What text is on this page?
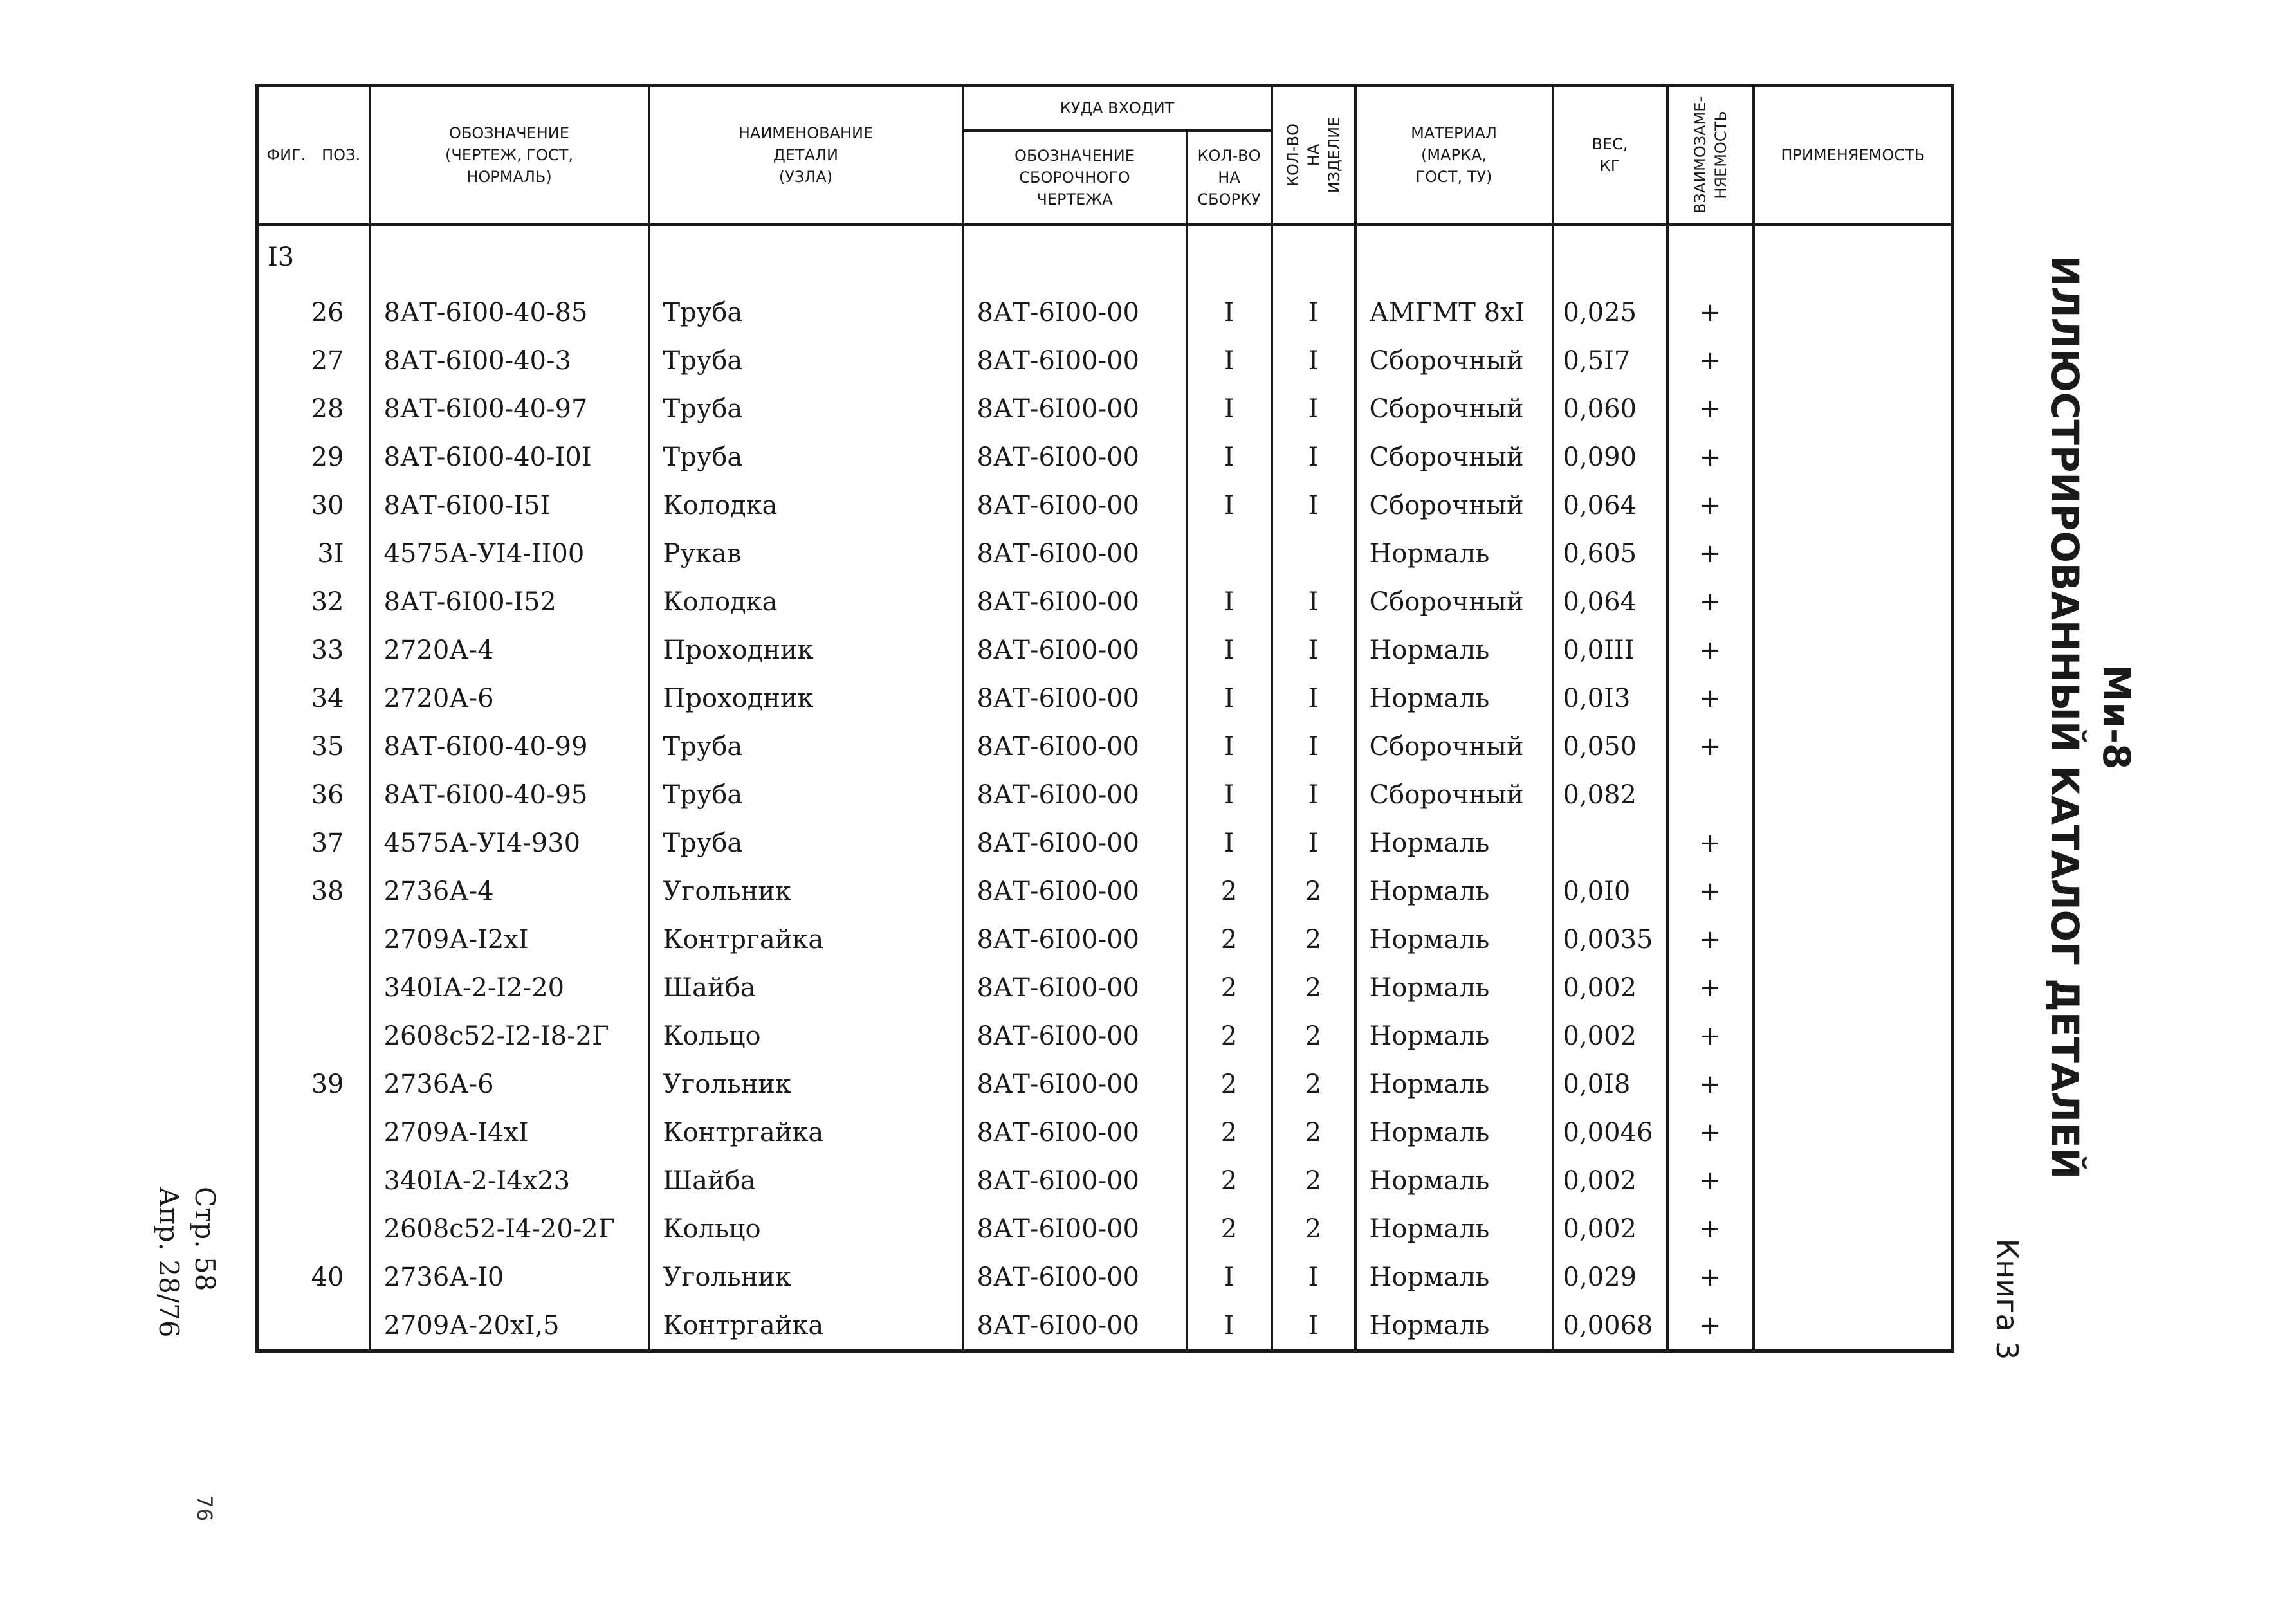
ФИГ. ПОЗ.	ОБОЗНАЧЕНИЕ
(ЧЕРТЕЖ, ГОСТ,
НОРМАЛЬ)	НАИМЕНОВАНИЕ
ДЕТАЛИ
(УЗЛА)	КУДА ВХОДИТ		КОЛ-ВО НА
ИЗДЕЛИЕ	МАТЕРИАЛ
(МАРКА,
ГОСТ, ТУ)	ВЕС,
КГ	ВЗАИМОЗАМЕ-
НЯЕМОСТЬ	ПРИМЕНЯЕМОСТЬ

			ОБОЗНАЧЕНИЕ
СБОРОЧНОГО
ЧЕРТЕЖА	КОЛ-ВО
НА
СБОРКУ					

I3									

26	8АТ-6I00-40-85	Труба	8АТ-6I00-00	I	I	АМГМТ 8хI	0,025	+	

27	8АТ-6I00-40-3	Труба	8АТ-6I00-00	I	I	Сборочный	0,5I7	+	

28	8АТ-6I00-40-97	Труба	8АТ-6I00-00	I	I	Сборочный	0,060	+	

29	8АТ-6I00-40-I0I	Труба	8АТ-6I00-00	I	I	Сборочный	0,090	+	

30	8АТ-6I00-I5I	Колодка	8АТ-6I00-00	I	I	Сборочный	0,064	+	

3I	4575А-УI4-II00	Рукав	8АТ-6I00-00			Нормаль	0,605	+	

32	8АТ-6I00-I52	Колодка	8АТ-6I00-00	I	I	Сборочный	0,064	+	

33	2720А-4	Проходник	8АТ-6I00-00	I	I	Нормаль	0,0III	+	

34	2720А-6	Проходник	8АТ-6I00-00	I	I	Нормаль	0,0I3	+	

35	8АТ-6I00-40-99	Труба	8АТ-6I00-00	I	I	Сборочный	0,050	+	

36	8АТ-6I00-40-95	Труба	8АТ-6I00-00	I	I	Сборочный	0,082		

37	4575А-УI4-930	Труба	8АТ-6I00-00	I	I	Нормаль		+	

38	2736А-4	Угольник	8АТ-6I00-00	2	2	Нормаль	0,0I0	+	

	2709А-I2хI	Контргайка	8АТ-6I00-00	2	2	Нормаль	0,0035	+	

	340IА-2-I2-20	Шайба	8АТ-6I00-00	2	2	Нормаль	0,002	+	

	2608с52-I2-I8-2Г	Кольцо	8АТ-6I00-00	2	2	Нормаль	0,002	+	

39	2736А-6	Угольник	8АТ-6I00-00	2	2	Нормаль	0,0I8	+	

	2709А-I4хI	Контргайка	8АТ-6I00-00	2	2	Нормаль	0,0046	+	

	340IА-2-I4х23	Шайба	8АТ-6I00-00	2	2	Нормаль	0,002	+	

	2608с52-I4-20-2Г	Кольцо	8АТ-6I00-00	2	2	Нормаль	0,002	+	

40	2736А-I0	Угольник	8АТ-6I00-00	I	I	Нормаль	0,029	+	

	2709А-20хI,5	Контргайка	8АТ-6I00-00	I	I	Нормаль	0,0068	+	
Ми-8
ИЛЛЮСТРИРОВАННЫЙ КАТАЛОГ ДЕТАЛЕЙ
Книга 3
Стр. 58
Апр. 28/76
76
